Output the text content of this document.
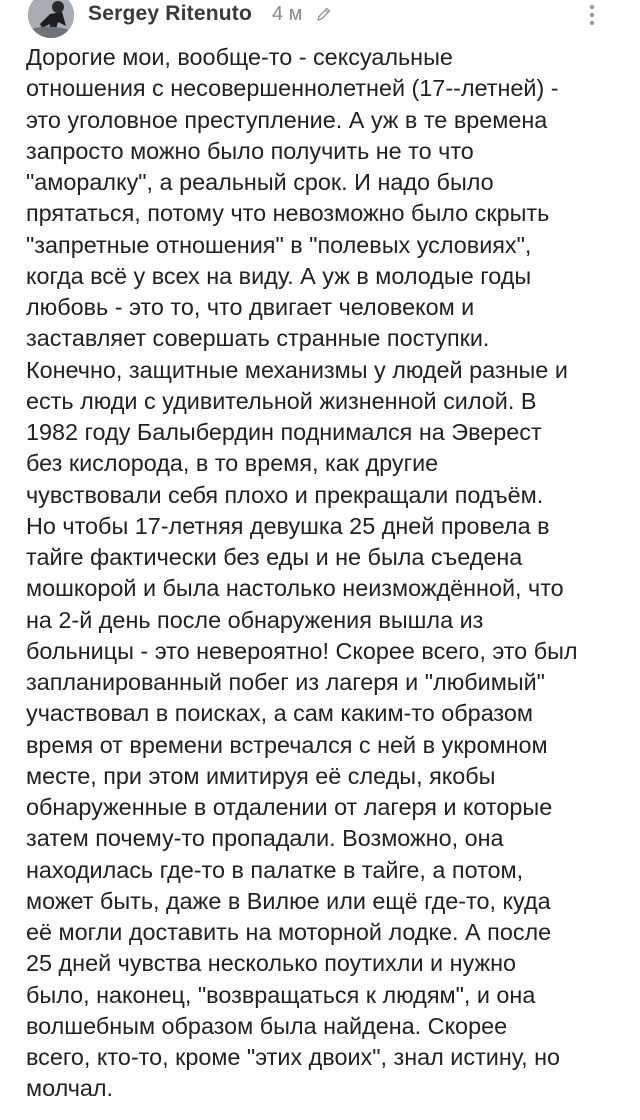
Sergey Ritenuto 4 м
Дорогие мои, вообще-то - сексуальные
отношения с несовершеннолетней (17--летней) -
это уголовное преступление. А уж в те времена
запросто можно было получить не то что
"аморалку", а реальный срок. И надо было
прятаться, потому что невозможно было скрыть
"запретные отношения" в "полевых условиях",
когда всё у всех на виду. А уж в молодые годы
любовь - это то, что двигает человеком и
заставляет совершать странные поступки.
Конечно, защитные механизмы у людей разные и
есть люди с удивительной жизненной силой. В
1982 году Балыбердин поднимался на Эверест
без кислорода, в то время, как другие
чувствовали себя плохо и прекращали подъём.
Но чтобы 17-летняя девушка 25 дней провела в
тайге фактически без еды и не была съедена
мошкорой и была настолько неизмождённой, что
на 2-й день после обнаружения вышла из
больницы - это невероятно! Скорее всего, это был
запланированный побег из лагеря и "любимый"
участвовал в поисках, а сам каким-то образом
время от времени встречался с ней в укромном
месте, при этом имитируя её следы, якобы
обнаруженные в отдалении от лагеря и которые
затем почему-то пропадали. Возможно, она
находилась где-то в палатке в тайге, а потом,
может быть, даже в Вилюе или ещё где-то, куда
её могли доставить на моторной лодке. А после
25 дней чувства несколько поутихли и нужно
было, наконец, "возвращаться к людям", и она
волшебным образом была найдена. Скорее
всего, кто-то, кроме "этих двоих", знал истину, но
молчал.
